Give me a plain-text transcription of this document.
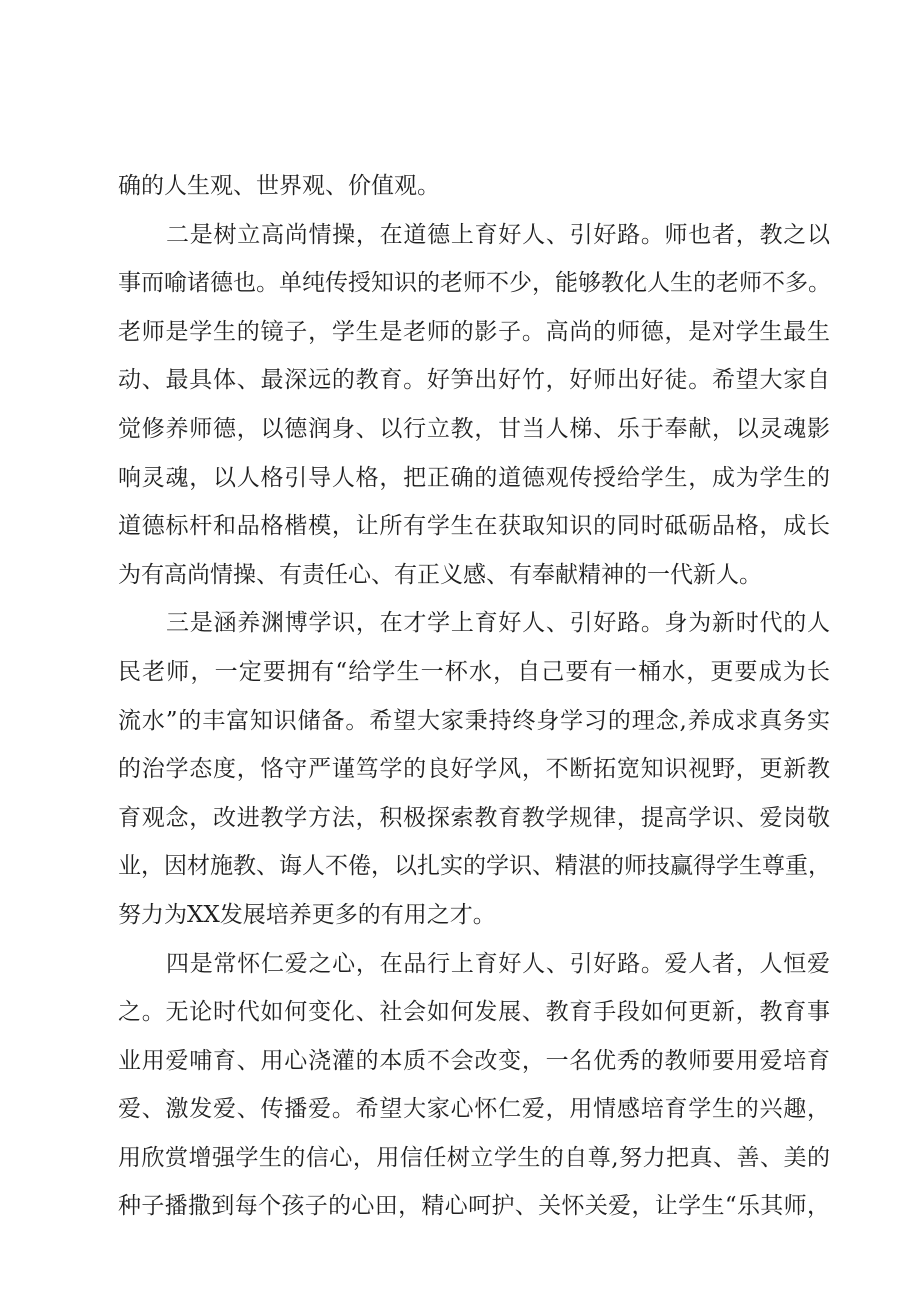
确的人生观、世界观、价值观。
二是树立高尚情操，在道德上育好人、引好路。师也者，教之以
事而喻诸德也。单纯传授知识的老师不少，能够教化人生的老师不多。
老师是学生的镜子，学生是老师的影子。高尚的师德，是对学生最生
动、最具体、最深远的教育。好笋出好竹，好师出好徒。希望大家自
觉修养师德，以德润身、以行立教，甘当人梯、乐于奉献，以灵魂影
响灵魂，以人格引导人格，把正确的道德观传授给学生，成为学生的
道德标杆和品格楷模，让所有学生在获取知识的同时砥砺品格，成长
为有高尚情操、有责任心、有正义感、有奉献精神的一代新人。
三是涵养渊博学识，在才学上育好人、引好路。身为新时代的人
民老师，一定要拥有“给学生一杯水，自己要有一桶水，更要成为长
流水”的丰富知识储备。希望大家秉持终身学习的理念,养成求真务实
的治学态度，恪守严谨笃学的良好学风，不断拓宽知识视野，更新教
育观念，改进教学方法，积极探索教育教学规律，提高学识、爱岗敬
业，因材施教、诲人不倦，以扎实的学识、精湛的师技赢得学生尊重，
努力为XX发展培养更多的有用之才。
四是常怀仁爱之心，在品行上育好人、引好路。爱人者，人恒爱
之。无论时代如何变化、社会如何发展、教育手段如何更新，教育事
业用爱哺育、用心浇灌的本质不会改变，一名优秀的教师要用爱培育
爱、激发爱、传播爱。希望大家心怀仁爱，用情感培育学生的兴趣，
用欣赏增强学生的信心，用信任树立学生的自尊,努力把真、善、美的
种子播撒到每个孩子的心田，精心呵护、关怀关爱，让学生“乐其师，
